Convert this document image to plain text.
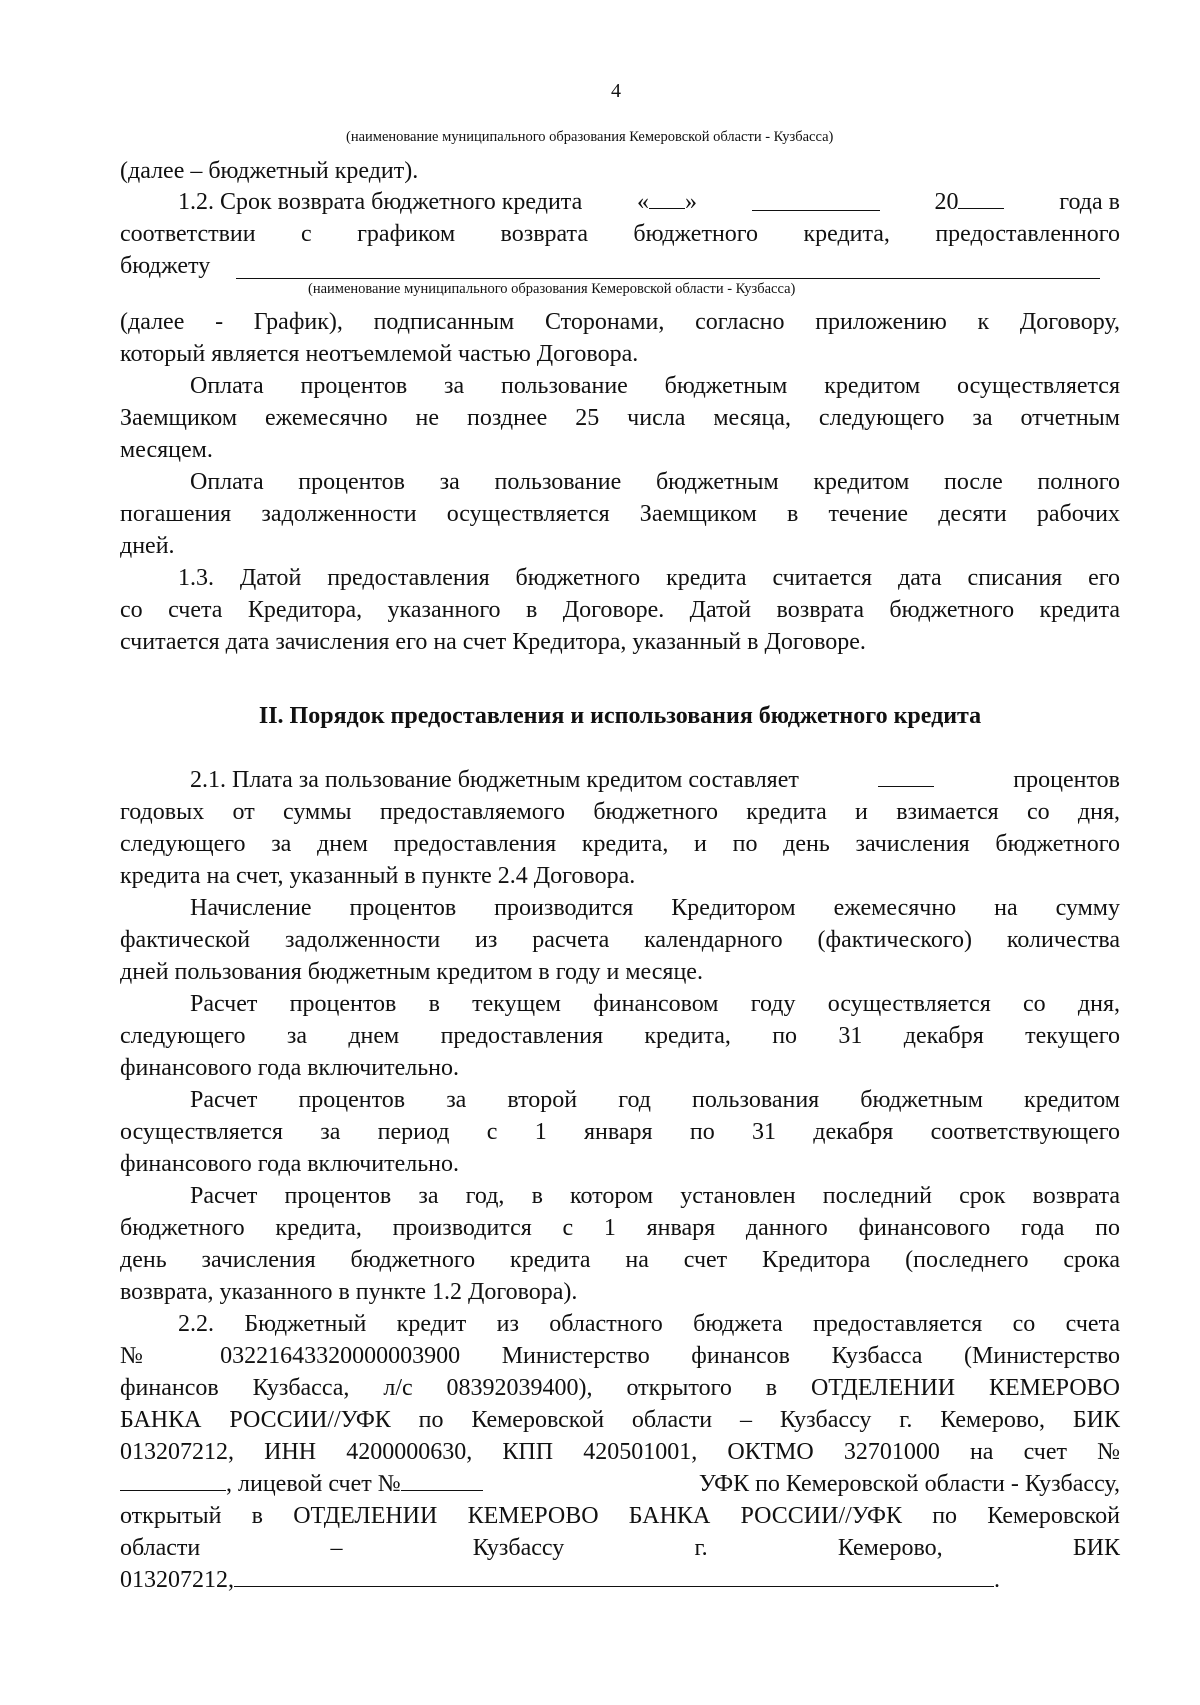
4
(наименование муниципального образования Кемеровской области - Кузбасса)
(далее – бюджетный кредит).
1.2. Срок возврата бюджетного кредита « »	20	года в
соответствии с графиком возврата бюджетного кредита, предоставленного
бюджету
(наименование муниципального образования Кемеровской области - Кузбасса)
(далее - График), подписанным Сторонами, согласно приложению к Договору,
который является неотъемлемой частью Договора.
Оплата процентов за пользование бюджетным кредитом осуществляется
Заемщиком ежемесячно не позднее 25 числа месяца, следующего за отчетным
месяцем.
Оплата процентов за пользование бюджетным кредитом после полного
погашения задолженности осуществляется Заемщиком в течение десяти рабочих
дней.
1.3. Датой предоставления бюджетного кредита считается дата списания его
со счета Кредитора, указанного в Договоре. Датой возврата бюджетного кредита
считается дата зачисления его на счет Кредитора, указанный в Договоре.
II. Порядок предоставления и использования бюджетного кредита
2.1. Плата за пользование бюджетным кредитом составляет	процентов
годовых от суммы предоставляемого бюджетного кредита и взимается со дня,
следующего за днем предоставления кредита, и по день зачисления бюджетного
кредита на счет, указанный в пункте 2.4 Договора.
Начисление процентов производится Кредитором ежемесячно на сумму
фактической задолженности из расчета календарного (фактического) количества
дней пользования бюджетным кредитом в году и месяце.
Расчет процентов в текущем финансовом году осуществляется со дня,
следующего за днем предоставления кредита, по 31 декабря текущего
финансового года включительно.
Расчет процентов за второй год пользования бюджетным кредитом
осуществляется за период с 1 января по 31 декабря соответствующего
финансового года включительно.
Расчет процентов за год, в котором установлен последний срок возврата
бюджетного кредита, производится с 1 января данного финансового года по
день зачисления бюджетного кредита на счет Кредитора (последнего срока
возврата, указанного в пункте 1.2 Договора).
2.2. Бюджетный кредит из областного бюджета предоставляется со счета
№ 03221643320000003900 Министерство финансов Кузбасса (Министерство
финансов Кузбасса, л/с 08392039400), открытого в ОТДЕЛЕНИИ КЕМЕРОВО
БАНКА РОССИИ//УФК по Кемеровской области – Кузбассу г. Кемерово, БИК
013207212, ИНН 4200000630, КПП 420501001, ОКТМО 32701000 на счет №
, лицевой счет №	УФК по Кемеровской области - Кузбассу,
открытый в ОТДЕЛЕНИИ КЕМЕРОВО БАНКА РОССИИ//УФК по Кемеровской
области	–	Кузбассу	г.	Кемерово,	БИК
013207212,	.
